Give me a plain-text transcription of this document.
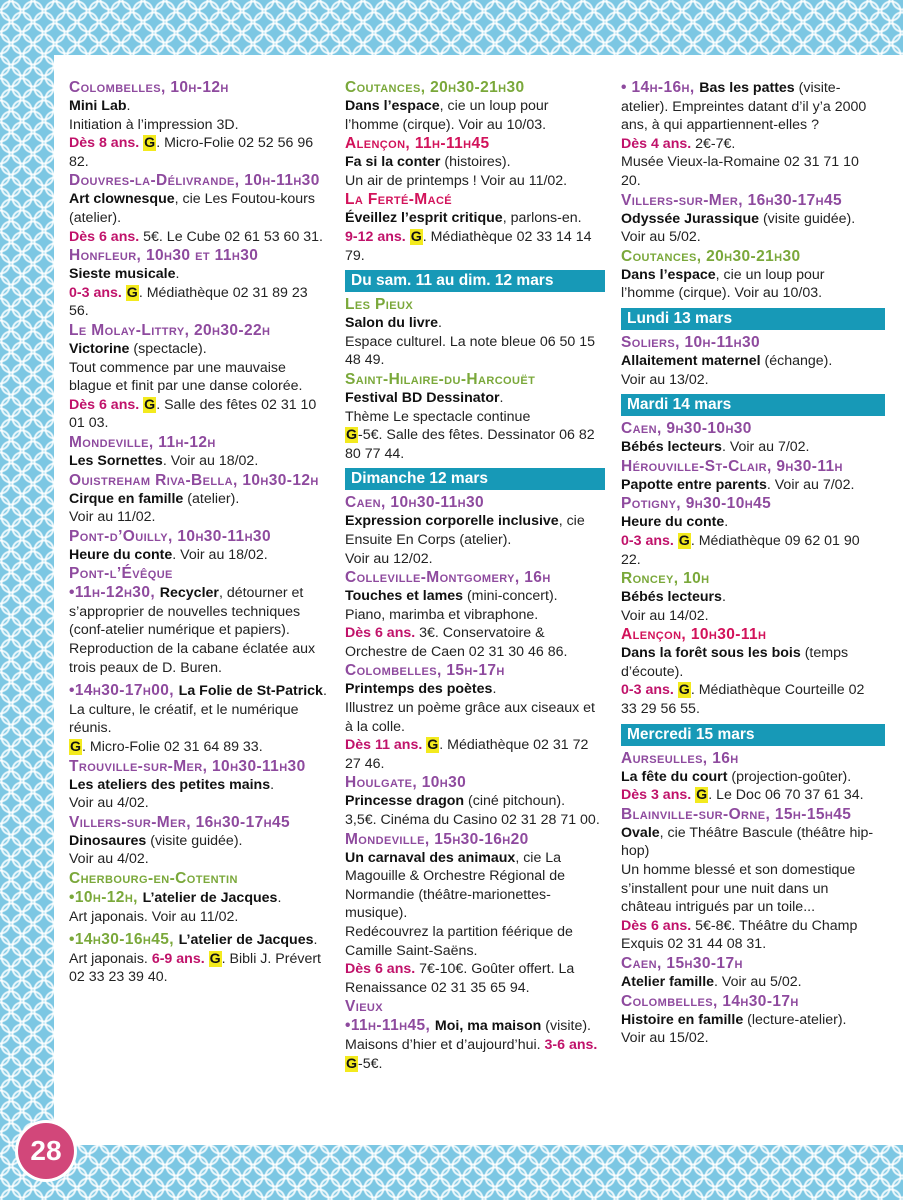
Colombelles, 10h-12h
Mini Lab.
Initiation à l’impression 3D.
Dès 8 ans. G. Micro-Folie 02 52 56 96 82.
Douvres-la-Délivrande, 10h-11h30
Art clownesque, cie Les Foutou-kours (atelier).
Dès 6 ans. 5€. Le Cube 02 61 53 60 31.
Honfleur, 10h30 et 11h30
Sieste musicale.
0-3 ans. G. Médiathèque 02 31 89 23 56.
Le Molay-Littry, 20h30-22h
Victorine (spectacle).
Tout commence par une mauvaise blague et finit par une danse colorée.
Dès 6 ans. G. Salle des fêtes 02 31 10 01 03.
Mondeville, 11h-12h
Les Sornettes. Voir au 18/02.
Ouistreham Riva-Bella, 10h30-12h
Cirque en famille (atelier).
Voir au 11/02.
Pont-d’Ouilly, 10h30-11h30
Heure du conte. Voir au 18/02.
Pont-l’Évêque
•11h-12h30, Recycler, détourner et s’approprier de nouvelles techniques (conf-atelier numérique et papiers). Reproduction de la cabane éclatée aux trois peaux de D. Buren.
•14h30-17h00, La Folie de St-Patrick. La culture, le créatif, et le numérique réunis.
G. Micro-Folie 02 31 64 89 33.
Trouville-sur-Mer, 10h30-11h30
Les ateliers des petites mains.
Voir au 4/02.
Villers-sur-Mer, 16h30-17h45
Dinosaures (visite guidée).
Voir au 4/02.
Cherbourg-en-Cotentin
•10h-12h, L’atelier de Jacques.
Art japonais. Voir au 11/02.
•14h30-16h45, L’atelier de Jacques. Art japonais. 6-9 ans. G. Bibli J. Prévert 02 33 23 39 40.
Coutances, 20h30-21h30
Dans l’espace, cie un loup pour l’homme (cirque). Voir au 10/03.
Alençon, 11h-11h45
Fa si la conter (histoires).
Un air de printemps ! Voir au 11/02.
La Ferté-Macé
Éveillez l’esprit critique, parlons-en.
9-12 ans. G. Médiathèque 02 33 14 14 79.
Du sam. 11 au dim. 12 mars
Les Pieux
Salon du livre.
Espace culturel. La note bleue 06 50 15 48 49.
Saint-Hilaire-du-Harcouët
Festival BD Dessinator.
Thème Le spectacle continue
G-5€. Salle des fêtes. Dessinator 06 82 80 77 44.
Dimanche 12 mars
Caen, 10h30-11h30
Expression corporelle inclusive, cie Ensuite En Corps (atelier).
Voir au 12/02.
Colleville-Montgomery, 16h
Touches et lames (mini-concert).
Piano, marimba et vibraphone.
Dès 6 ans. 3€. Conservatoire & Orchestre de Caen 02 31 30 46 86.
Colombelles, 15h-17h
Printemps des poètes.
Illustrez un poème grâce aux ciseaux et à la colle.
Dès 11 ans. G. Médiathèque 02 31 72 27 46.
Houlgate, 10h30
Princesse dragon (ciné pitchoun).
3,5€. Cinéma du Casino 02 31 28 71 00.
Mondeville, 15h30-16h20
Un carnaval des animaux, cie La Magouille & Orchestre Régional de Normandie (théâtre-marionettes-musique).
Redécouvrez la partition féérique de Camille Saint-Saëns.
Dès 6 ans. 7€-10€. Goûter offert. La Renaissance 02 31 35 65 94.
Vieux
•11h-11h45, Moi, ma maison (visite). Maisons d’hier et d’aujourd’hui. 3-6 ans. G-5€.
• 14h-16h, Bas les pattes (visite-atelier). Empreintes datant d’il y’a 2000 ans, à qui appartiennent-elles ?
Dès 4 ans. 2€-7€.
Musée Vieux-la-Romaine 02 31 71 10 20.
Villers-sur-Mer, 16h30-17h45
Odyssée Jurassique (visite guidée).
Voir au 5/02.
Coutances, 20h30-21h30
Dans l’espace, cie un loup pour l’homme (cirque). Voir au 10/03.
Lundi 13 mars
Soliers, 10h-11h30
Allaitement maternel (échange).
Voir au 13/02.
Mardi 14 mars
Caen, 9h30-10h30
Bébés lecteurs. Voir au 7/02.
Hérouville-St-Clair, 9h30-11h
Papotte entre parents. Voir au 7/02.
Potigny, 9h30-10h45
Heure du conte.
0-3 ans. G. Médiathèque 09 62 01 90 22.
Roncey, 10h
Bébés lecteurs.
Voir au 14/02.
Alençon, 10h30-11h
Dans la forêt sous les bois (temps d’écoute).
0-3 ans. G. Médiathèque Courteille 02 33 29 56 55.
Mercredi 15 mars
Aurseulles, 16h
La fête du court (projection-goûter).
Dès 3 ans. G. Le Doc 06 70 37 61 34.
Blainville-sur-Orne, 15h-15h45
Ovale, cie Théâtre Bascule (théâtre hip-hop)
Un homme blessé et son domestique s’installent pour une nuit dans un château intrigués par un toile...
Dès 6 ans. 5€-8€. Théâtre du Champ Exquis 02 31 44 08 31.
Caen, 15h30-17h
Atelier famille. Voir au 5/02.
Colombelles, 14h30-17h
Histoire en famille (lecture-atelier).
Voir au 15/02.
28
